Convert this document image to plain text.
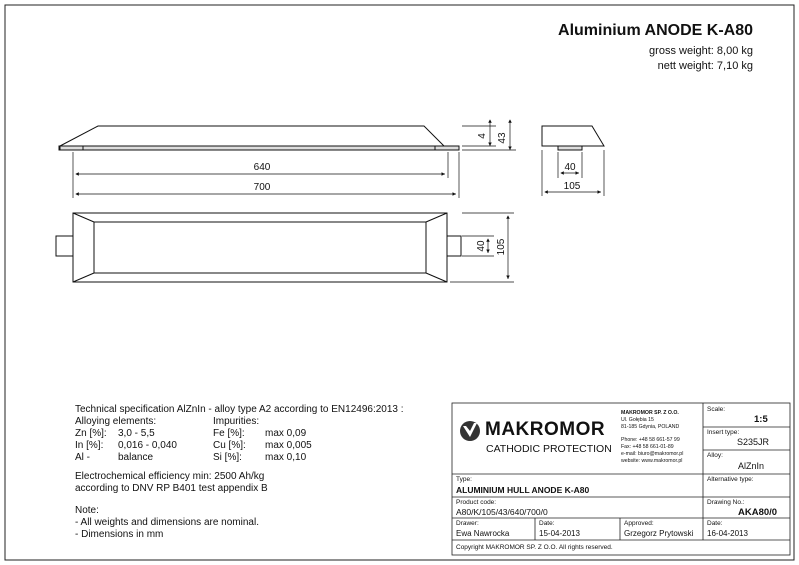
4 43
640
700
40 105
40
105
Aluminium ANODE K-A80
gross weight: 8,00 kg
nett weight: 7,10 kg
Technical specification AlZnIn - alloy type A2 according to EN12496:2013 :
Alloying elements:	Impurities:
Zn [%]: 3,0 - 5,5	Fe [%]: max 0,09
In [%]: 0,016 - 0,040	Cu [%]: max 0,005
Al -	balance	Si [%]: max 0,10
Electrochemical efficiency min: 2500 Ah/kg
according to DNV RP B401 test appendix B
Note:
- All weights and dimensions are nominal.
- Dimensions in mm
MAKROMOR
CATHODIC PROTECTION
MAKROMOR SP. Z O.O.
Ul. Gołębia 15
81-185 Gdynia, POLAND
Phone: +48 58 661-57 99
Fax: +48 58 661-01-89
e-mail: biuro@makromor.pl
website: www.makromor.pl
Scale:
1:5
Insert type:
S235JR
Alloy:
AlZnIn
Type:
ALUMINIUM HULL ANODE K-A80
Alternative type:
Product code:
A80/K/105/43/640/700/0
Drawing No.:
AKA80/0
Drawer:
Ewa Nawrocka
Date:
15-04-2013
Approved:
Grzegorz Prytowski
Date:
16-04-2013
Copyright MAKROMOR SP. Z O.O. All rights reserved.
